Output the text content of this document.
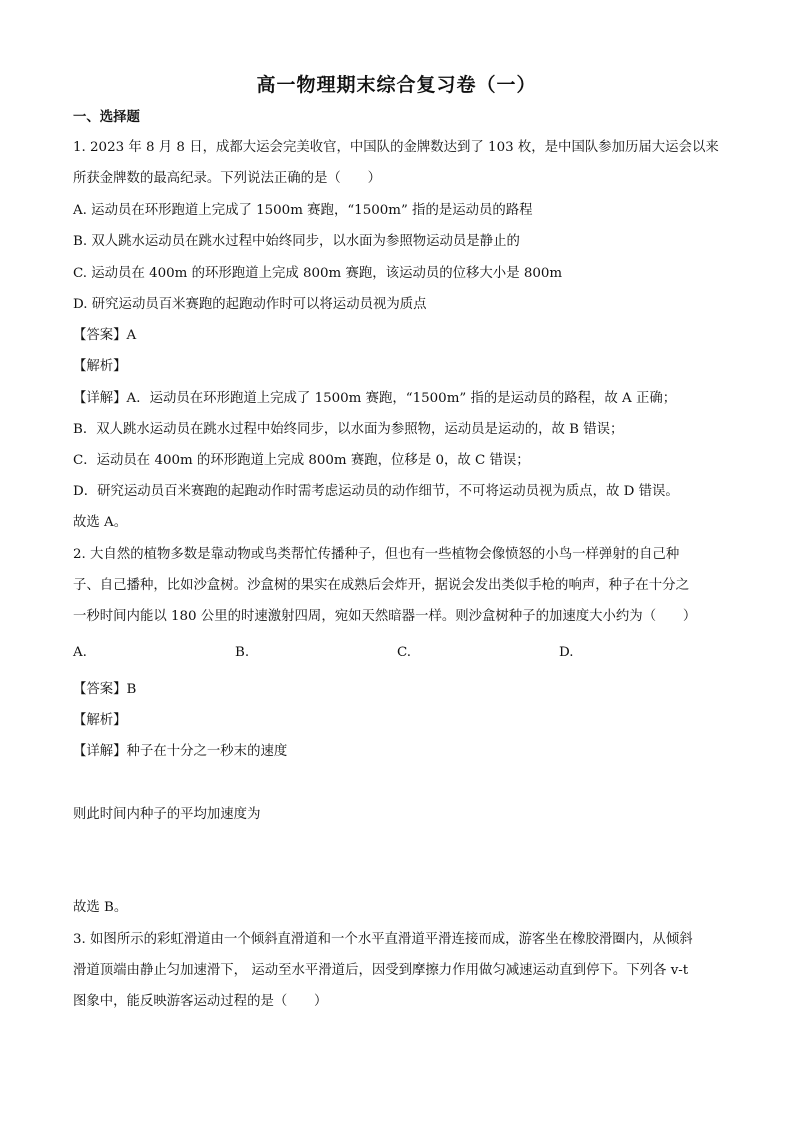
高一物理期末综合复习卷（一）
一、选择题
1. 2023 年 8 月 8 日，成都大运会完美收官，中国队的金牌数达到了 103 枚，是中国队参加历届大运会以来
所获金牌数的最高纪录。下列说法正确的是（　　）
A. 运动员在环形跑道上完成了 1500m 赛跑，“1500m” 指的是运动员的路程
B. 双人跳水运动员在跳水过程中始终同步，以水面为参照物运动员是静止的
C. 运动员在 400m 的环形跑道上完成 800m 赛跑，该运动员的位移大小是 800m
D. 研究运动员百米赛跑的起跑动作时可以将运动员视为质点
【答案】A
【解析】
【详解】A．运动员在环形跑道上完成了 1500m 赛跑，“1500m” 指的是运动员的路程，故 A 正确；
B．双人跳水运动员在跳水过程中始终同步，以水面为参照物，运动员是运动的，故 B 错误；
C．运动员在 400m 的环形跑道上完成 800m 赛跑，位移是 0，故 C 错误；
D．研究运动员百米赛跑的起跑动作时需考虑运动员的动作细节，不可将运动员视为质点，故 D 错误。
故选 A。
2. 大自然的植物多数是靠动物或鸟类帮忙传播种子，但也有一些植物会像愤怒的小鸟一样弹射的自己种
子、自己播种，比如沙盒树。沙盒树的果实在成熟后会炸开，据说会发出类似手枪的响声，种子在十分之
一秒时间内能以 180 公里的时速激射四周，宛如天然暗器一样。则沙盒树种子的加速度大小约为（　　）
A.	B.	C.	D.
【答案】B
【解析】
【详解】种子在十分之一秒末的速度
则此时间内种子的平均加速度为
故选 B。
3. 如图所示的彩虹滑道由一个倾斜直滑道和一个水平直滑道平滑连接而成，游客坐在橡胶滑圈内，从倾斜
滑道顶端由静止匀加速滑下， 运动至水平滑道后，因受到摩擦力作用做匀减速运动直到停下。下列各 v-t
图象中，能反映游客运动过程的是（　　）
